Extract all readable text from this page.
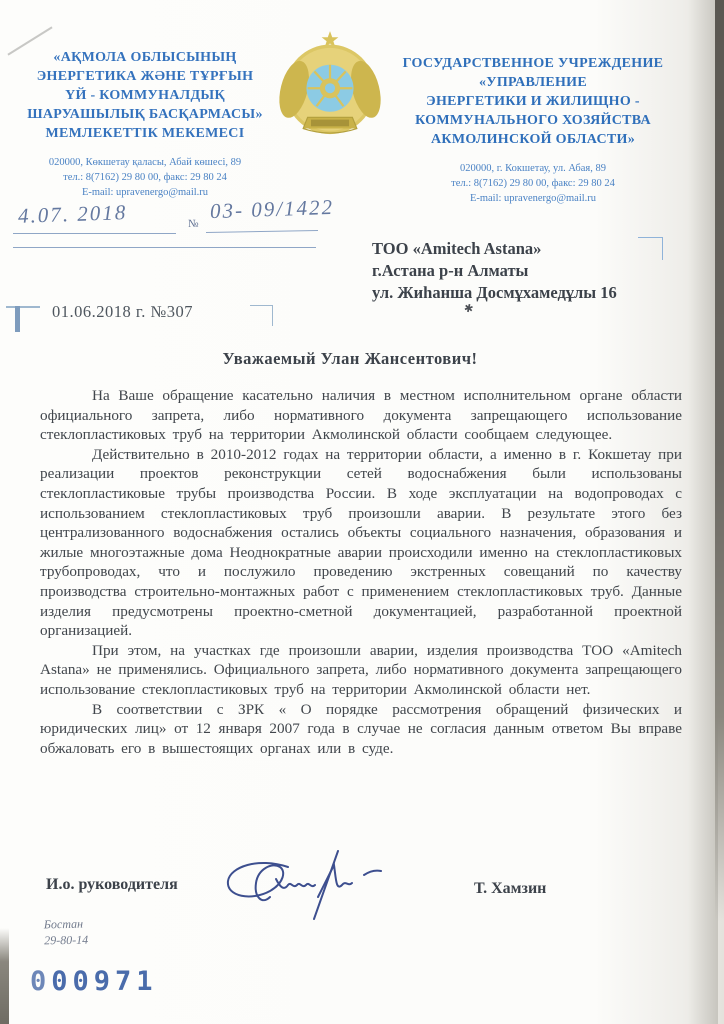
«АҚМОЛА ОБЛЫСЫНЫҢ
ЭНЕРГЕТИКА ЖӘНЕ ТҰРҒЫН
ҮЙ - КОММУНАЛДЫҚ
ШАРУАШЫЛЫҚ БАСҚАРМАСЫ»
МЕМЛЕКЕТТІК МЕКЕМЕСІ
020000, Көкшетау қаласы, Абай көшесі, 89
тел.: 8(7162) 29 80 00, факс: 29 80 24
E-mail: upravenergo@mail.ru
ГОСУДАРСТВЕННОЕ УЧРЕЖДЕНИЕ
«УПРАВЛЕНИЕ
ЭНЕРГЕТИКИ И ЖИЛИЩНО -
КОММУНАЛЬНОГО ХОЗЯЙСТВА
АКМОЛИНСКОЙ ОБЛАСТИ»
020000, г. Кокшетау, ул. Абая, 89
тел.: 8(7162) 29 80 00, факс: 29 80 24
E-mail: upravenergo@mail.ru
4.07. 2018	№
03- 09/1422
ТОО «Amitech Astana»
г.Астана р-н Алматы
ул. Жиһанша Досмұхамедұлы 16
✱
01.06.2018 г. №307
Уважаемый Улан Жансентович!

На Ваше обращение касательно наличия в местном исполнительном органе области официального запрета, либо нормативного документа запрещающего использование стеклопластиковых труб на территории Акмолинской области сообщаем следующее.

Действительно в 2010-2012 годах на территории области, а именно в г. Кокшетау при реализации проектов реконструкции сетей водоснабжения были использованы стеклопластиковые трубы производства России. В ходе эксплуатации на водопроводах с использованием стеклопластиковых труб произошли аварии. В результате этого без централизованного водоснабжения остались объекты социального назначения, образования и жилые многоэтажные дома Неоднократные аварии происходили именно на стеклопластиковых трубопроводах, что и послужило проведению экстренных совещаний по качеству производства строительно-монтажных работ с применением стеклопластиковых труб. Данные изделия предусмотрены проектно-сметной документацией, разработанной проектной организацией.

При этом, на участках где произошли аварии, изделия производства ТОО «Amitech Astana» не применялись. Официального запрета, либо нормативного документа запрещающего использование стеклопластиковых труб на территории Акмолинской области нет.

В соответствии с ЗРК « О порядке рассмотрения обращений физических и юридических лиц» от 12 января 2007 года в случае не согласия данным ответом Вы вправе обжаловать его в вышестоящих органах или в суде.

И.о. руководителя	Т. Хамзин
Бостан
29-80-14
000971
